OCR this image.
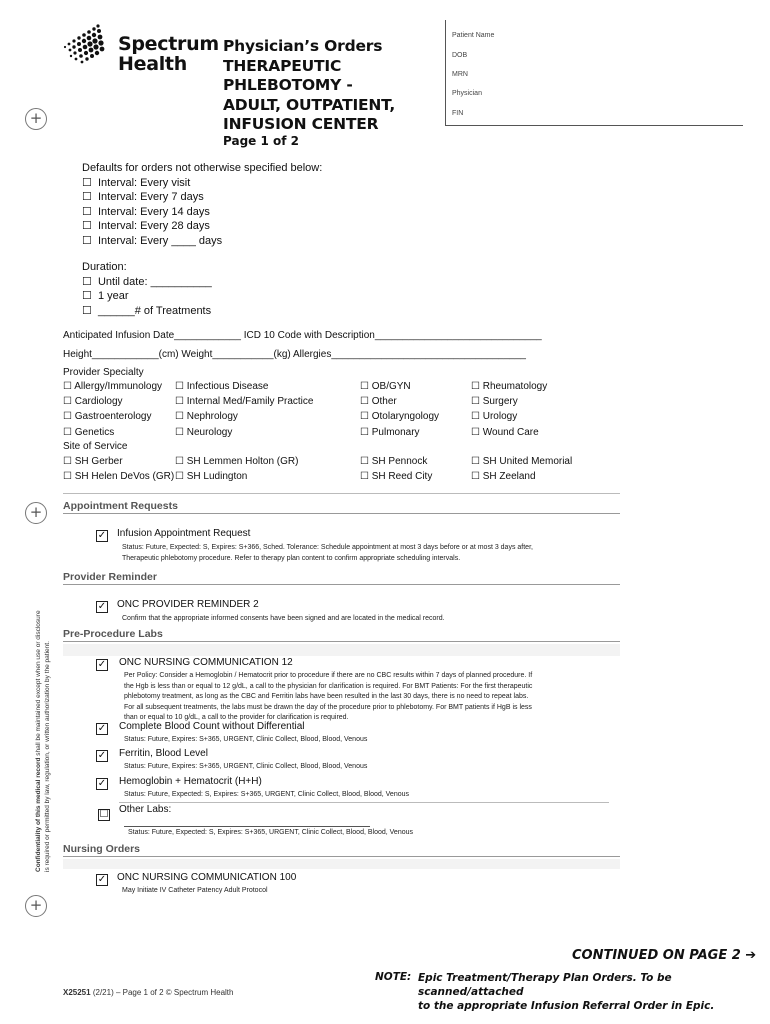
+
+
+
Spectrum
Health
Physician’s Orders
THERAPEUTIC
PHLEBOTOMY -
ADULT, OUTPATIENT,
INFUSION CENTER
Page 1 of 2
Patient Name
DOB
MRN
Physician
FIN
Defaults for orders not otherwise specified below:
☐  Interval: Every visit
☐  Interval: Every 7 days
☐  Interval: Every 14 days
☐  Interval: Every 28 days
☐  Interval: Every ____ days
Duration:
☐  Until date: __________
☐  1 year
☐  ______# of Treatments
Anticipated Infusion Date____________ ICD 10 Code with Description______________________________
Height____________(cm) Weight___________(kg) Allergies___________________________________
Provider Specialty
☐ Allergy/Immunology
☐ Cardiology
☐ Gastroenterology
☐ Genetics
☐ Infectious Disease
☐ Internal Med/Family Practice
☐ Nephrology
☐ Neurology
☐ OB/GYN
☐ Other
☐ Otolaryngology
☐ Pulmonary
☐ Rheumatology
☐ Surgery
☐ Urology
☐ Wound Care
Site of Service
☐ SH Gerber
☐ SH Helen DeVos (GR)
☐ SH Lemmen Holton (GR)
☐ SH Ludington
☐ SH Pennock
☐ SH Reed City
☐ SH United Memorial
☐ SH Zeeland
Appointment Requests
✓ Infusion Appointment Request
Status: Future, Expected: S, Expires: S+366, Sched. Tolerance: Schedule appointment at most 3 days before or at most 3 days after,
Therapeutic phlebotomy procedure. Refer to therapy plan content to confirm appropriate scheduling intervals.
Provider Reminder
✓ ONC PROVIDER REMINDER 2
Confirm that the appropriate informed consents have been signed and are located in the medical record.
Pre-Procedure Labs
✓ ONC NURSING COMMUNICATION 12
Per Policy: Consider a Hemoglobin / Hematocrit prior to procedure if there are no CBC results within 7 days of planned procedure. If
the Hgb is less than or equal to 12 g/dL, a call to the physician for clarification is required. For BMT Patients: For the first therapeutic
phlebotomy treatment, as long as the CBC and Ferritin labs have been resulted in the last 30 days, there is no need to repeat labs.
For all subsequent treatments, the labs must be drawn the day of the procedure prior to phlebotomy. For BMT patients if HgB is less
than or equal to 10 g/dL, a call to the provider for clarification is required.
✓ Complete Blood Count without Differential
Status: Future, Expires: S+365, URGENT, Clinic Collect, Blood, Blood, Venous
✓ Ferritin, Blood Level
Status: Future, Expires: S+365, URGENT, Clinic Collect, Blood, Blood, Venous
✓ Hemoglobin + Hematocrit (H+H)
Status: Future, Expected: S, Expires: S+365, URGENT, Clinic Collect, Blood, Blood, Venous
☐ Other Labs:
Status: Future, Expected: S, Expires: S+365, URGENT, Clinic Collect, Blood, Blood, Venous
Nursing Orders
✓ ONC NURSING COMMUNICATION 100
May Initiate IV Catheter Patency Adult Protocol
Confidentiality of this medical record shall be maintained except when use or disclosure is required or permitted by law, regulation, or written authorization by the patient.
CONTINUED ON PAGE 2 ➔
NOTE: Epic Treatment/Therapy Plan Orders. To be scanned/attached
to the appropriate Infusion Referral Order in Epic.
X25251 (2/21) – Page 1 of 2 © Spectrum Health
